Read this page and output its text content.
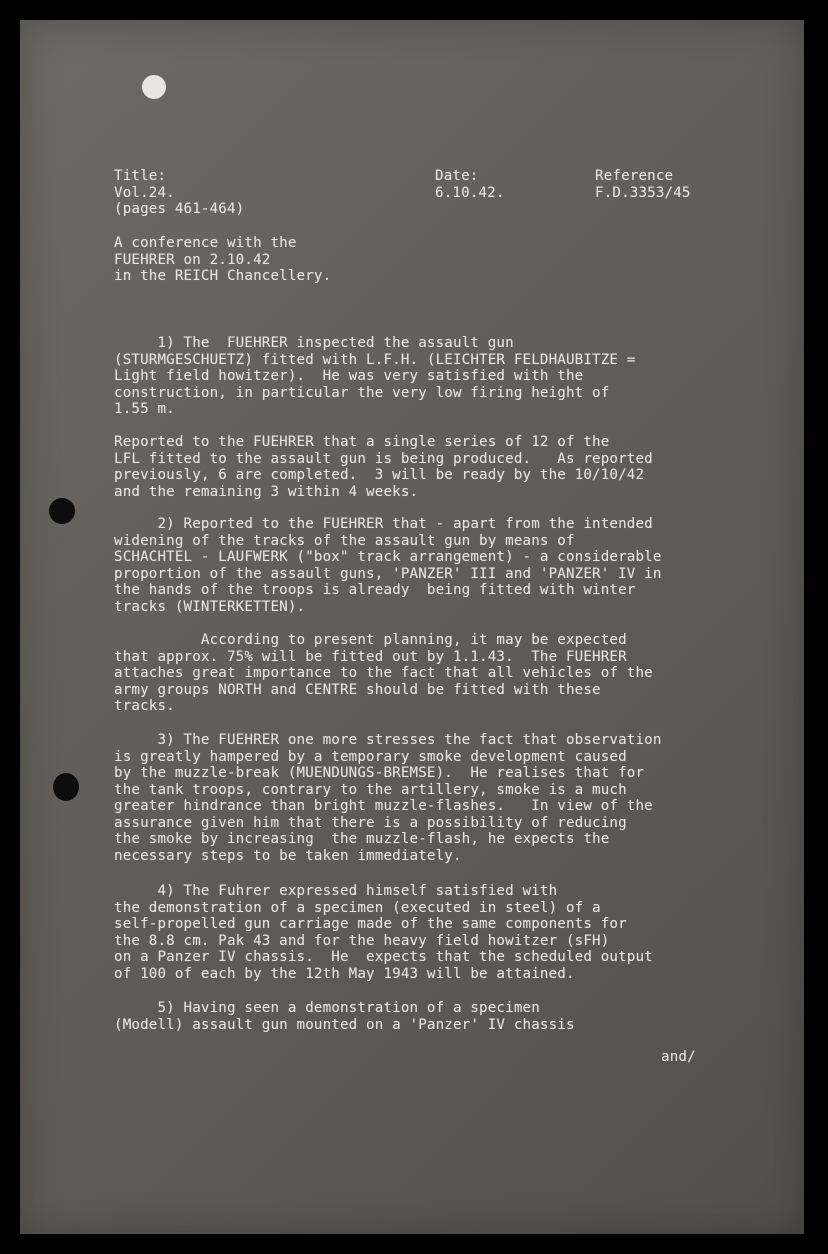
Title:
Vol.24.
(pages 461-464)
Date:
6.10.42.
Reference
F.D.3353/45
A conference with the
FUEHRER on 2.10.42
in the REICH Chancellery.
1) The  FUEHRER inspected the assault gun
(STURMGESCHUETZ) fitted with L.F.H. (LEICHTER FELDHAUBITZE =
Light field howitzer).  He was very satisfied with the
construction, in particular the very low firing height of
1.55 m.
Reported to the FUEHRER that a single series of 12 of the
LFL fitted to the assault gun is being produced.   As reported
previously, 6 are completed.  3 will be ready by the 10/10/42
and the remaining 3 within 4 weeks.
2) Reported to the FUEHRER that - apart from the intended
widening of the tracks of the assault gun by means of
SCHACHTEL - LAUFWERK ("box" track arrangement) - a considerable
proportion of the assault guns, 'PANZER' III and 'PANZER' IV in
the hands of the troops is already  being fitted with winter
tracks (WINTERKETTEN).
According to present planning, it may be expected
that approx. 75% will be fitted out by 1.1.43.  The FUEHRER
attaches great importance to the fact that all vehicles of the
army groups NORTH and CENTRE should be fitted with these
tracks.
3) The FUEHRER one more stresses the fact that observation
is greatly hampered by a temporary smoke development caused
by the muzzle-break (MUENDUNGS-BREMSE).  He realises that for
the tank troops, contrary to the artillery, smoke is a much
greater hindrance than bright muzzle-flashes.   In view of the
assurance given him that there is a possibility of reducing
the smoke by increasing  the muzzle-flash, he expects the
necessary steps to be taken immediately.
4) The Fuhrer expressed himself satisfied with
the demonstration of a specimen (executed in steel) of a
self-propelled gun carriage made of the same components for
the 8.8 cm. Pak 43 and for the heavy field howitzer (sFH)
on a Panzer IV chassis.  He  expects that the scheduled output
of 100 of each by the 12th May 1943 will be attained.
5) Having seen a demonstration of a specimen
(Modell) assault gun mounted on a 'Panzer' IV chassis
and/
